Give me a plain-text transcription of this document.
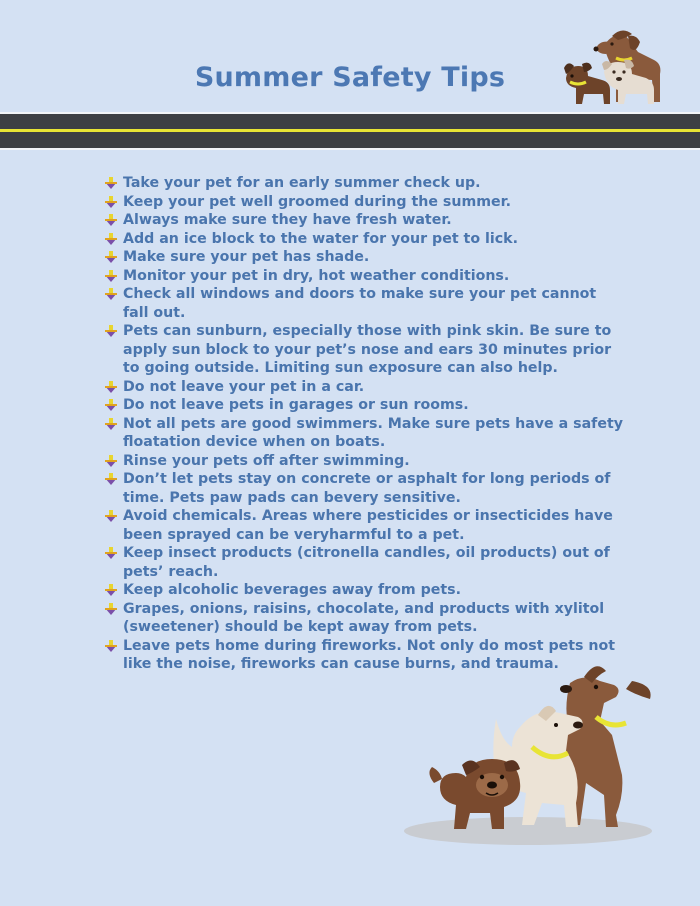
Summer Safety Tips
Take your pet for an early summer check up.
Keep your pet well groomed during the summer.
Always make sure they have fresh water.
Add an ice block to the water for your pet to lick.
Make sure your pet has shade.
Monitor your pet in dry, hot weather conditions.
Check all windows and doors to make sure your pet cannot fall out.
Pets can sunburn, especially those with pink skin. Be sure to apply sun block to your pet’s nose and ears 30 minutes prior to going outside. Limiting sun exposure can also help.
Do not leave your pet in a car.
Do not leave pets in garages or sun rooms.
Not all pets are good swimmers. Make sure pets have a safety floatation device when on boats.
Rinse your pets off after swimming.
Don’t let pets stay on concrete or asphalt for long periods of time. Pets paw pads can bevery sensitive.
Avoid chemicals. Areas where pesticides or insecticides have been sprayed can be veryharmful to a pet.
Keep insect products (citronella candles, oil products) out of pets’ reach.
Keep alcoholic beverages away from pets.
Grapes, onions, raisins, chocolate, and products with xylitol (sweetener) should be kept away from pets.
Leave pets home during fireworks. Not only do most pets not like the noise, fireworks can cause burns, and trauma.
